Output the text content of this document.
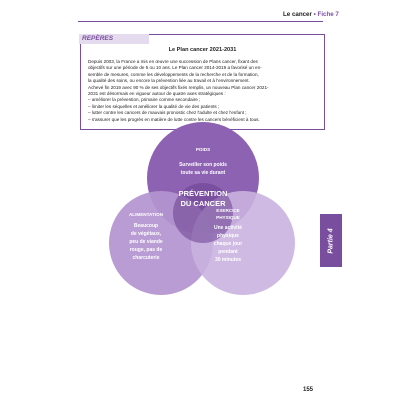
Le cancer • Fiche 7
REPÈRES
Le Plan cancer 2021-2031

Depuis 2003, la France a mis en œuvre une succession de Plans cancer, fixant des

objectifs sur une période de 5 ou 10 ans. Le Plan cancer 2014-2019 a favorisé un en-

semble de mesures, comme les développements de la recherche et de la formation,

la qualité des soins, ou encore la prévention liée au travail et à l'environnement.

Achevé fin 2019 avec 90 % de ses objectifs fixés remplis, un nouveau Plan cancer 2021-

2031 est désormais en vigueur autour de quatre axes stratégiques :

– améliorer la prévention, primaire comme secondaire ;

– limiter les séquelles et améliorer la qualité de vie des patients ;

– lutter contre les cancers de mauvais pronostic chez l'adulte et chez l'enfant ;

– s'assurer que les progrès en matière de lutte contre les cancers bénéficient à tous.

PRÉVENTION
DU CANCER
POIDS
Surveiller son poids
toute sa vie durant
ALIMENTATION
Beaucoup
de végétaux,
peu de viande
rouge, pas de
charcuterie
EXERCICE
PHYSIQUE
Une activité
physique
chaque jour
pendant
30 minutes
Partie 4
155
